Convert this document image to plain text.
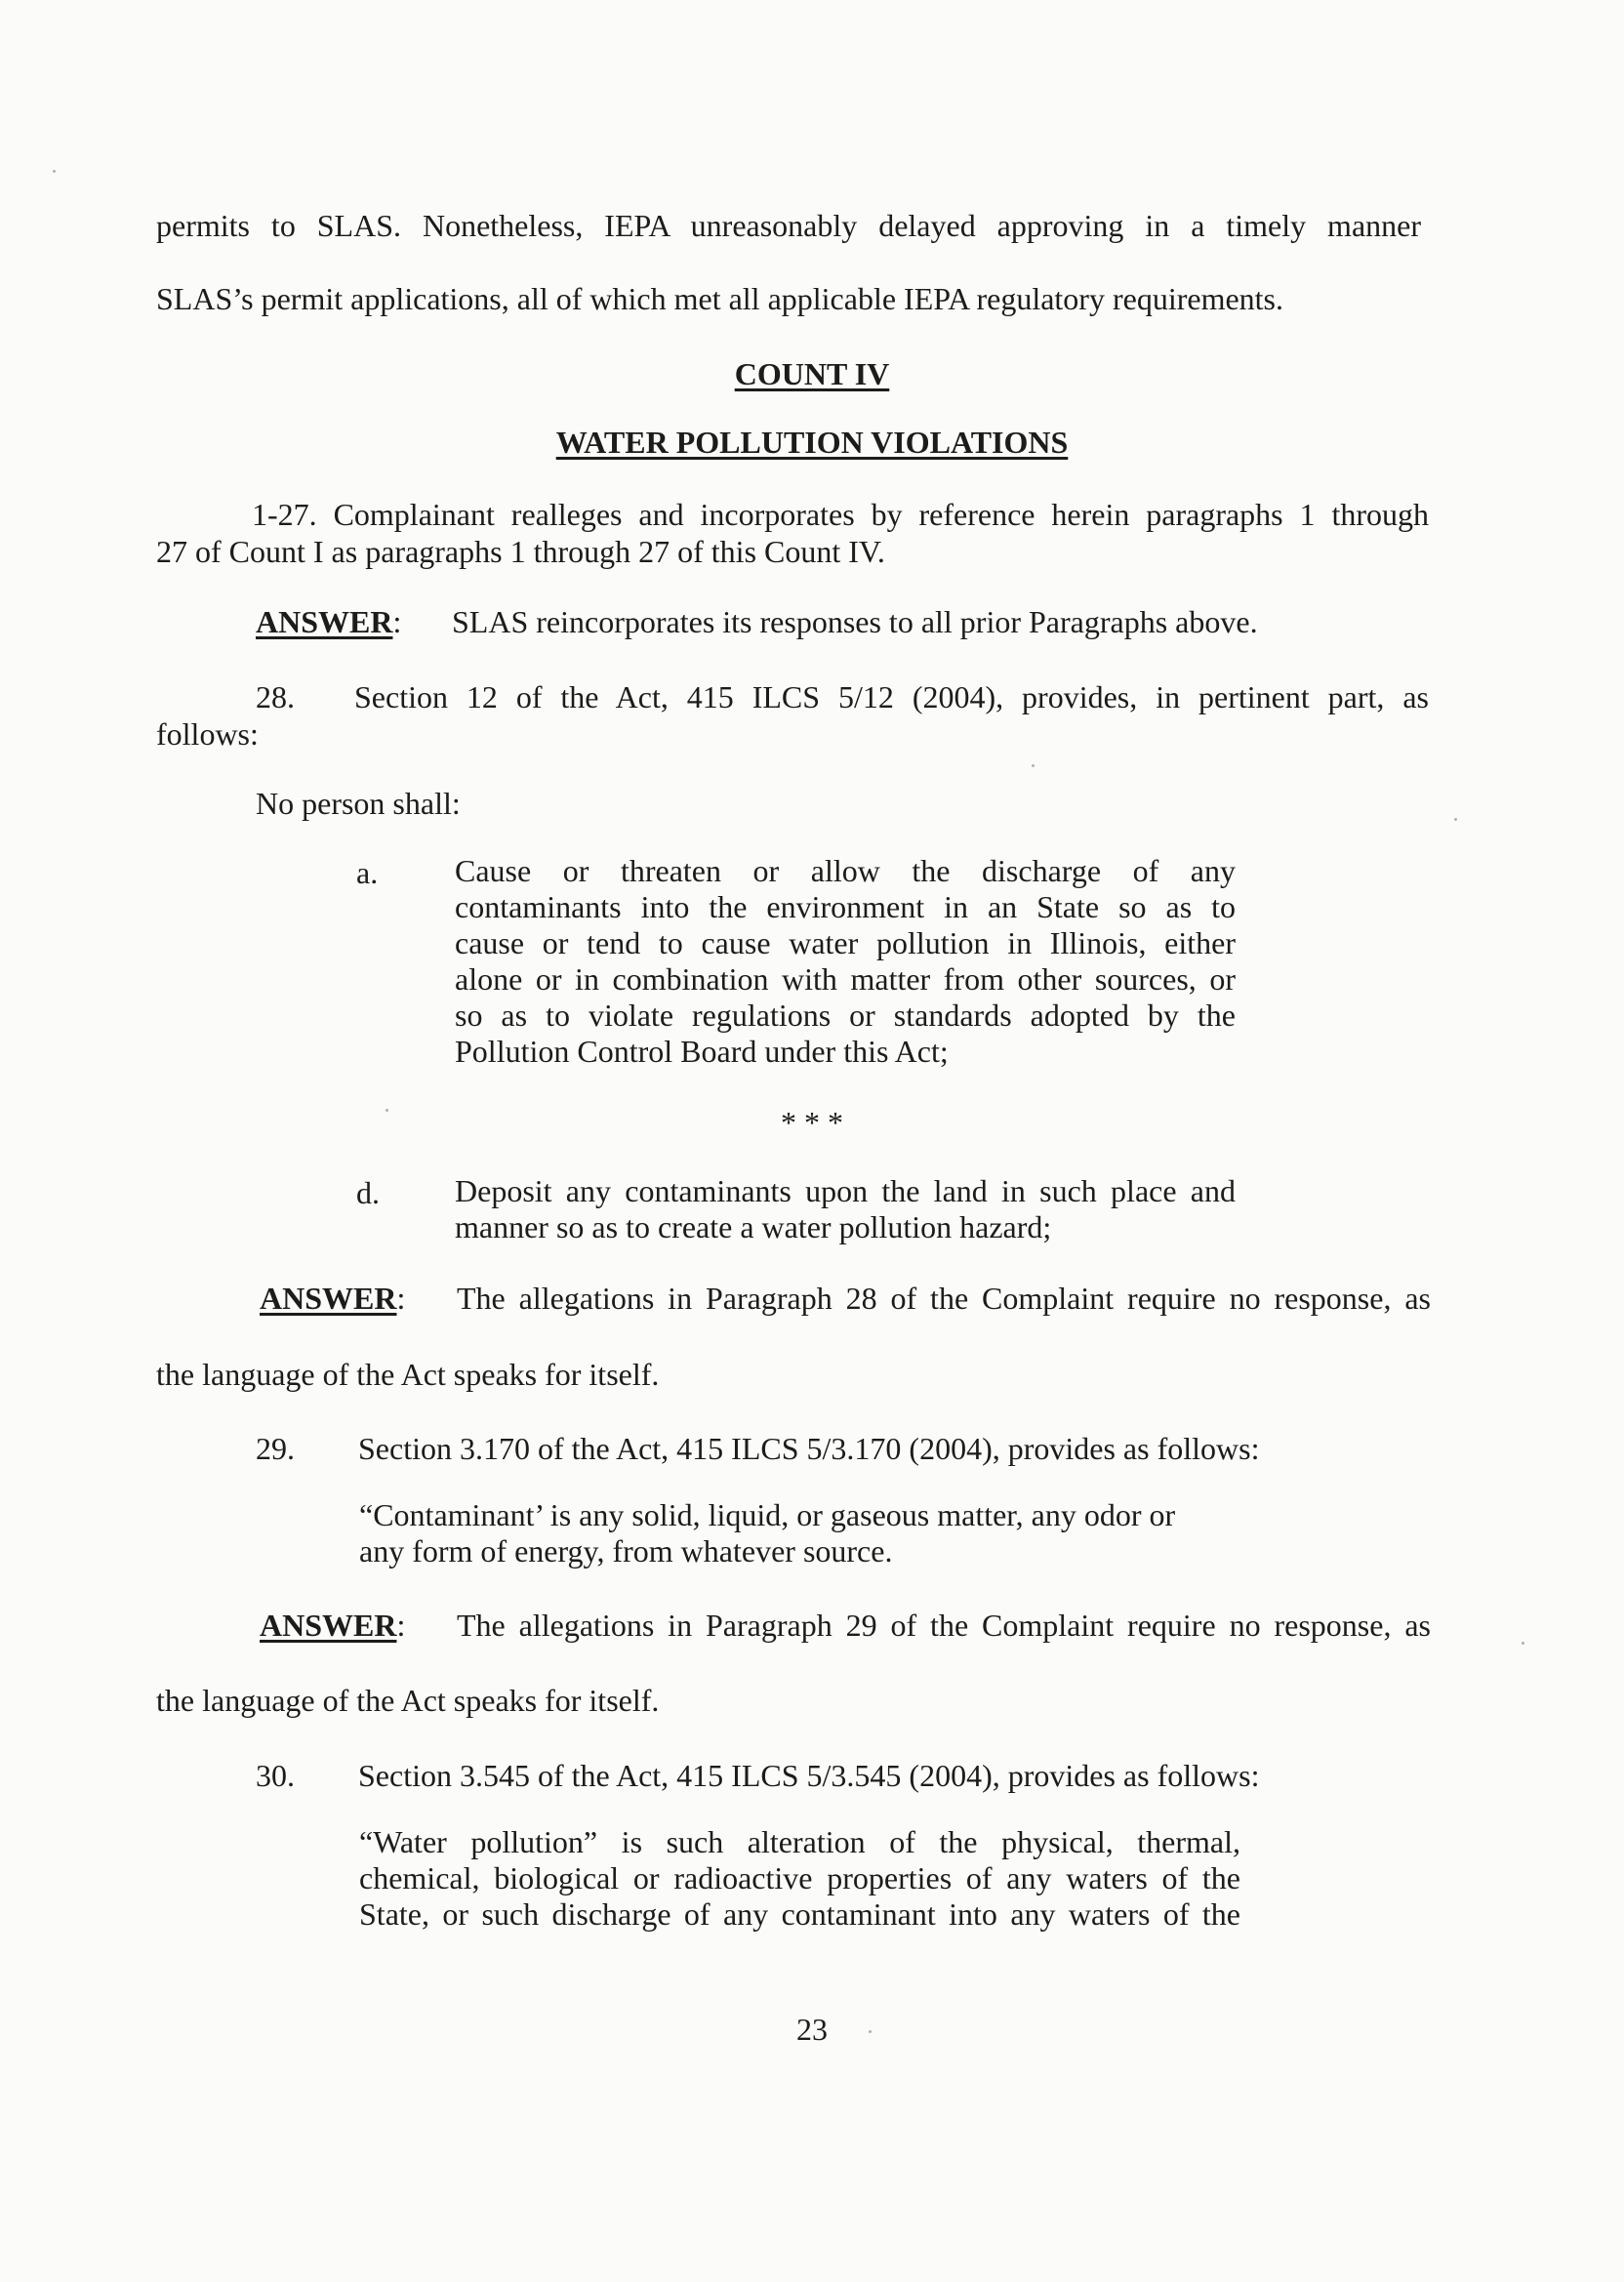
permits to SLAS. Nonetheless, IEPA unreasonably delayed approving in a timely manner
SLAS’s permit applications, all of which met all applicable IEPA regulatory requirements.
COUNT IV
WATER POLLUTION VIOLATIONS
1-27. Complainant realleges and incorporates by reference herein paragraphs 1 through
27 of Count I as paragraphs 1 through 27 of this Count IV.
ANSWER: SLAS reincorporates its responses to all prior Paragraphs above.
28. Section 12 of the Act, 415 ILCS 5/12 (2004), provides, in pertinent part, as
follows:
No person shall:
a. Cause or threaten or allow the discharge of any
contaminants into the environment in an State so as to
cause or tend to cause water pollution in Illinois, either
alone or in combination with matter from other sources, or
so as to violate regulations or standards adopted by the
Pollution Control Board under this Act;
* * *
d. Deposit any contaminants upon the land in such place and
manner so as to create a water pollution hazard;
ANSWER: The allegations in Paragraph 28 of the Complaint require no response, as
the language of the Act speaks for itself.
29. Section 3.170 of the Act, 415 ILCS 5/3.170 (2004), provides as follows:
“Contaminant’ is any solid, liquid, or gaseous matter, any odor or
any form of energy, from whatever source.
ANSWER: The allegations in Paragraph 29 of the Complaint require no response, as
the language of the Act speaks for itself.
30. Section 3.545 of the Act, 415 ILCS 5/3.545 (2004), provides as follows:
“Water pollution” is such alteration of the physical, thermal,
chemical, biological or radioactive properties of any waters of the
State, or such discharge of any contaminant into any waters of the
23
